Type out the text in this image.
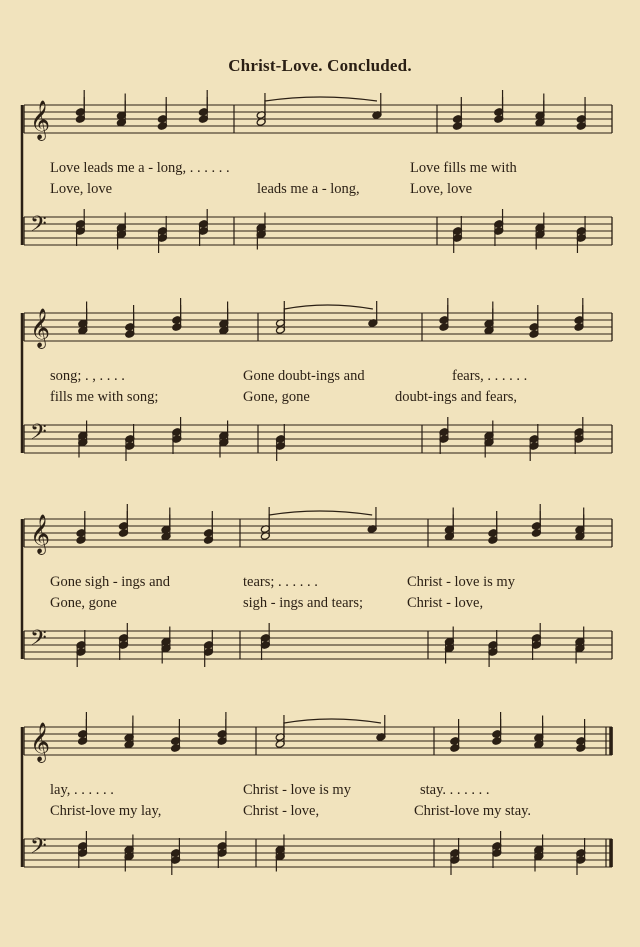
Christ-Love. Concluded.
𝄞
𝄢
Love leads me a - long, . . . . . .	Love fills me with
Love, love	leads me a - long,	Love, love
𝄞
𝄢
song; . , . . . .	Gone doubt-ings and	fears, . . . . . .
fills me with song;	Gone, gone	doubt-ings and fears,
𝄞
𝄢
Gone sigh - ings and	tears; . . . . . .	Christ - love is my
Gone, gone	sigh - ings and tears;	Christ - love,
𝄞
𝄢
lay, . . . . . .	Christ - love is my	stay. . . . . . .
Christ-love my lay,	Christ - love,	Christ-love my stay.
